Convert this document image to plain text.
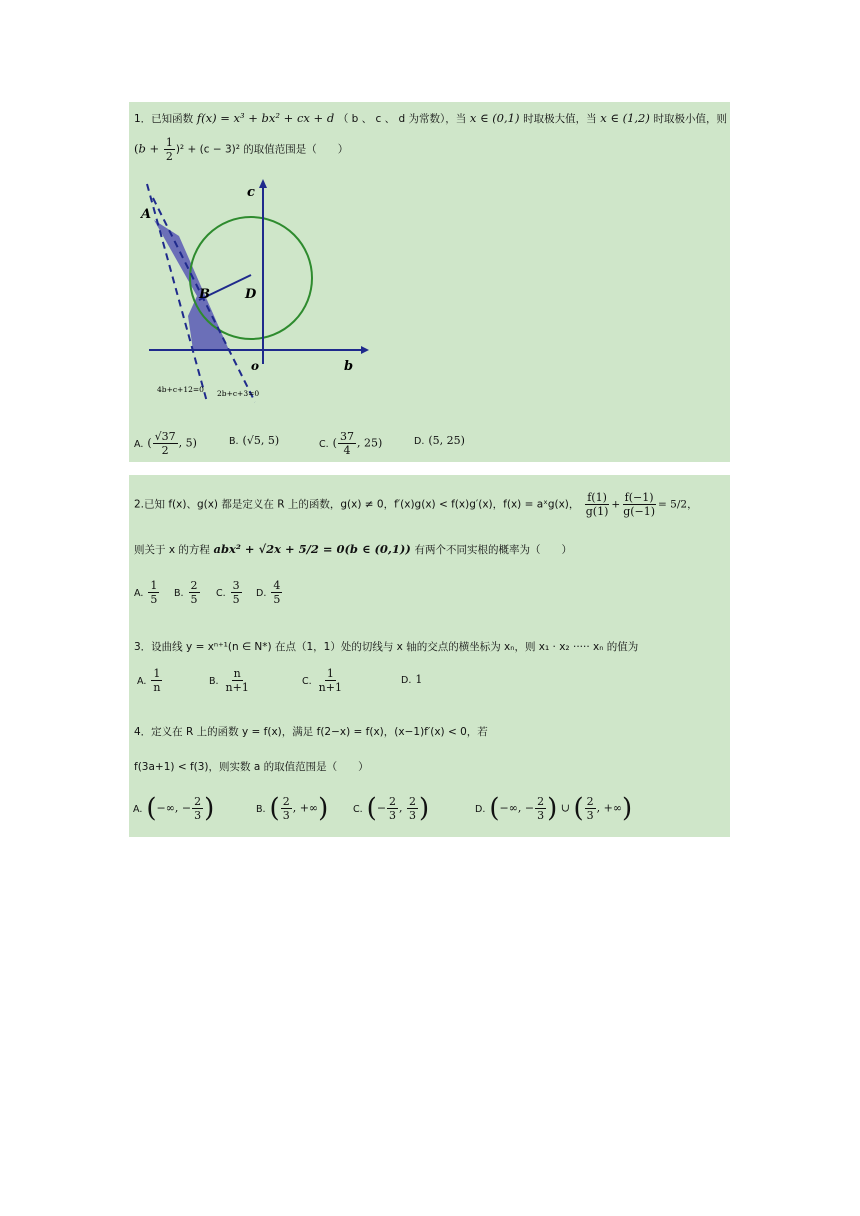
1．已知函数 f(x) = x³ + bx² + cx + d （ b 、 c 、 d 为常数），当 x ∈ (0,1) 时取极大值，当 x ∈ (1,2) 时取极小值，则
$(b + \frac{1}{2} )^2 + (c - 3)^2$ 的取值范围是（　　）
A
B	D
c
b
o
4b+c+12=0 2b+c+3=0
A. ( $\frac{√37}{2}$ , 5)	B. (√5, 5)	C. ( $\frac{37}{4}$ , 25)	D. (5, 25)
2.已知 f(x)、g(x) 都是定义在 R 上的函数，g(x) ≠ 0，f′(x)g(x) < f(x)g′(x)，f(x) = aˣg(x)， $\frac{f(1)}{g(1)} + \frac{f(-1)}{g(-1)} = 5/2$，
则关于 x 的方程 abx² + √2x + 5/2 = 0(b ∈ (0,1)) 有两个不同实根的概率为（　　）
A. $\frac{1}{5} B$. $\frac{2}{5} C$. $\frac{3}{5} D$. $\frac{4}{5}$
3．设曲线 y = xⁿ⁺¹(n ∈ N*) 在点（1，1）处的切线与 x 轴的交点的横坐标为 xₙ，则 x₁ · x₂ ····· xₙ 的值为
A. $\frac{1}{n}$	B. $\frac{n}{n+1}$	C. $\frac{1}{n+1}$	D. 1
4．定义在 R 上的函数 y = f(x)，满足 f(2−x) = f(x)，(x−1)f′(x) < 0，若
f(3a+1) < f(3)，则实数 a 的取值范围是（　　）
A. (−∞, − $\frac{2}{3}$ )	B. ( $\frac{2}{3}$ , +∞)	C. (− $\frac{2}{3}$ , $\frac{2}{3}$ )	D. (−∞, − $\frac{2}{3}$ ) ∪ ( $\frac{2}{3}$ , +∞)
